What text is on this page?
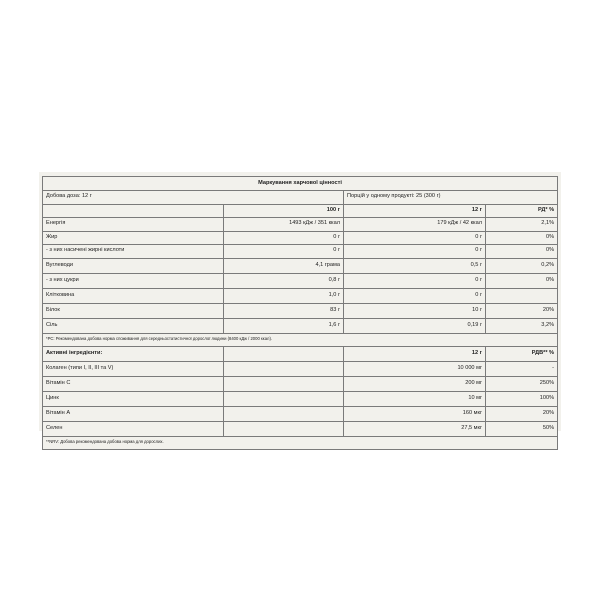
Маркування харчової цінності			
Добова доза: 12 г		Порцій у одному продукті: 25 (300 г)	
	100 г	12 г	РД* %
Енергія	1493 кДж / 351 ккал	179 кДж / 42 ккал	2,1%
Жир	0 г	0 г	0%
- з них насичені жирні кислоти	0 г	0 г	0%
Вуглеводи	4,1 грама	0,5 г	0,2%
- з них цукри	0,8 г	0 г	0%
Клітковина	1,0 г	0 г	
Білок	83 г	10 г	20%
Сіль	1,6 г	0,19 г	3,2%
*РС: Рекомендована добова норма споживання для середньостатистичної дорослої людини (8400 кДж / 2000 ккал).			
Активні інгредієнти:		12 г	РДВ** %
Колаген (типи I, II, III та V)		10 000 мг	-
Вітамін С		200 мг	250%
Цинк		10 мг	100%
Вітамін А		160 мкг	20%
Селен		27,5 мкг	50%
**NRV: Добова рекомендована добова норма для дорослих.			
